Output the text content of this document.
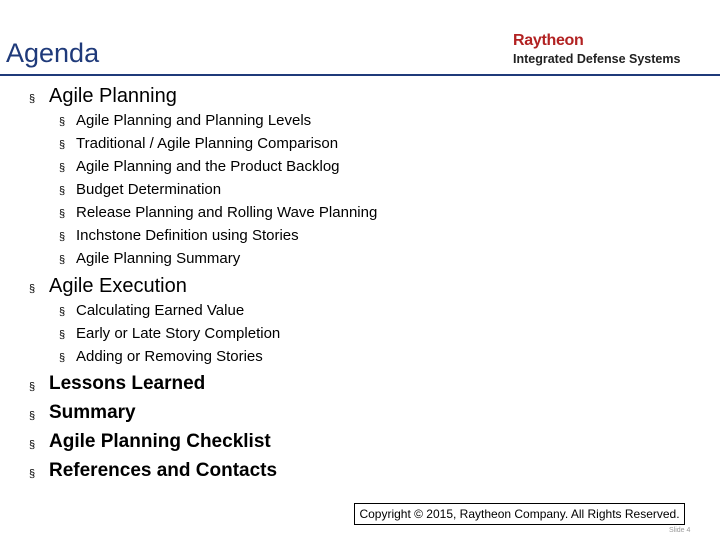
Agenda	Raytheon
Integrated Defense Systems
§ Agile Planning
§ Agile Planning and Planning Levels
§ Traditional / Agile Planning Comparison
§ Agile Planning and the Product Backlog
§ Budget Determination
§ Release Planning and Rolling Wave Planning
§ Inchstone Definition using Stories
§ Agile Planning Summary
§ Agile Execution
§ Calculating Earned Value
§ Early or Late Story Completion
§ Adding or Removing Stories
§ Lessons Learned
§ Summary
§ Agile Planning Checklist
§ References and Contacts
Copyright © 2015, Raytheon Company. All Rights Reserved.
Slide 4
